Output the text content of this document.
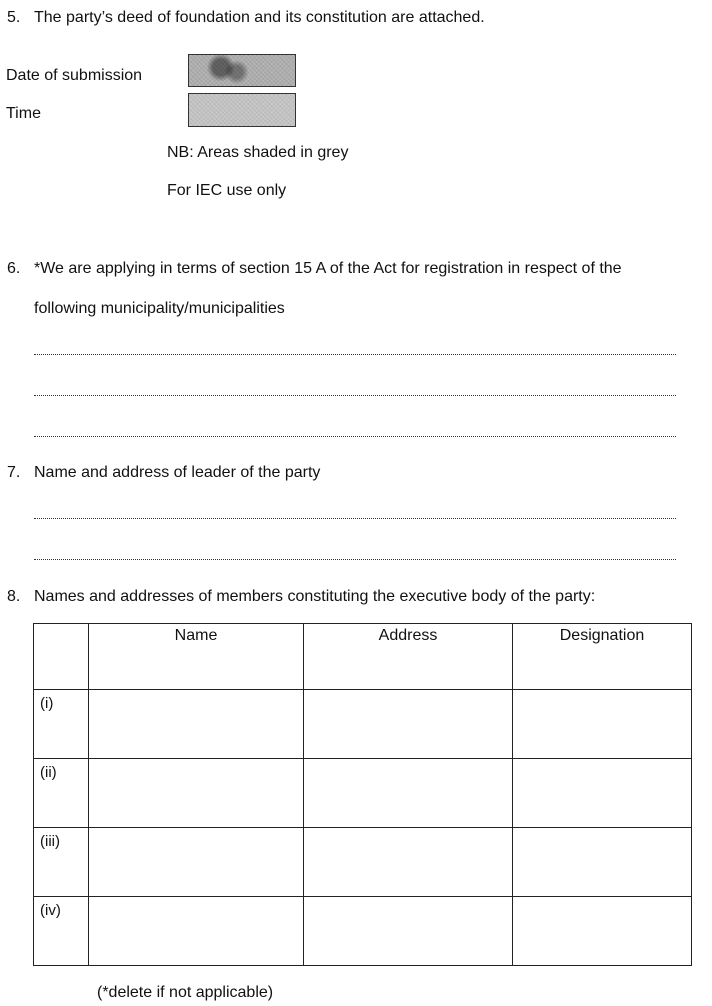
5. The party’s deed of foundation and its constitution are attached.
Date of submission
Time
NB: Areas shaded in grey
For IEC use only
6. *We are applying in terms of section 15 A of the Act for registration in respect of the
following municipality/municipalities
7. Name and address of leader of the party
8. Names and addresses of members constituting the executive body of the party:
	Name	Address	Designation
(i)			
(ii)			
(iii)			
(iv)			
(*delete if not applicable)
